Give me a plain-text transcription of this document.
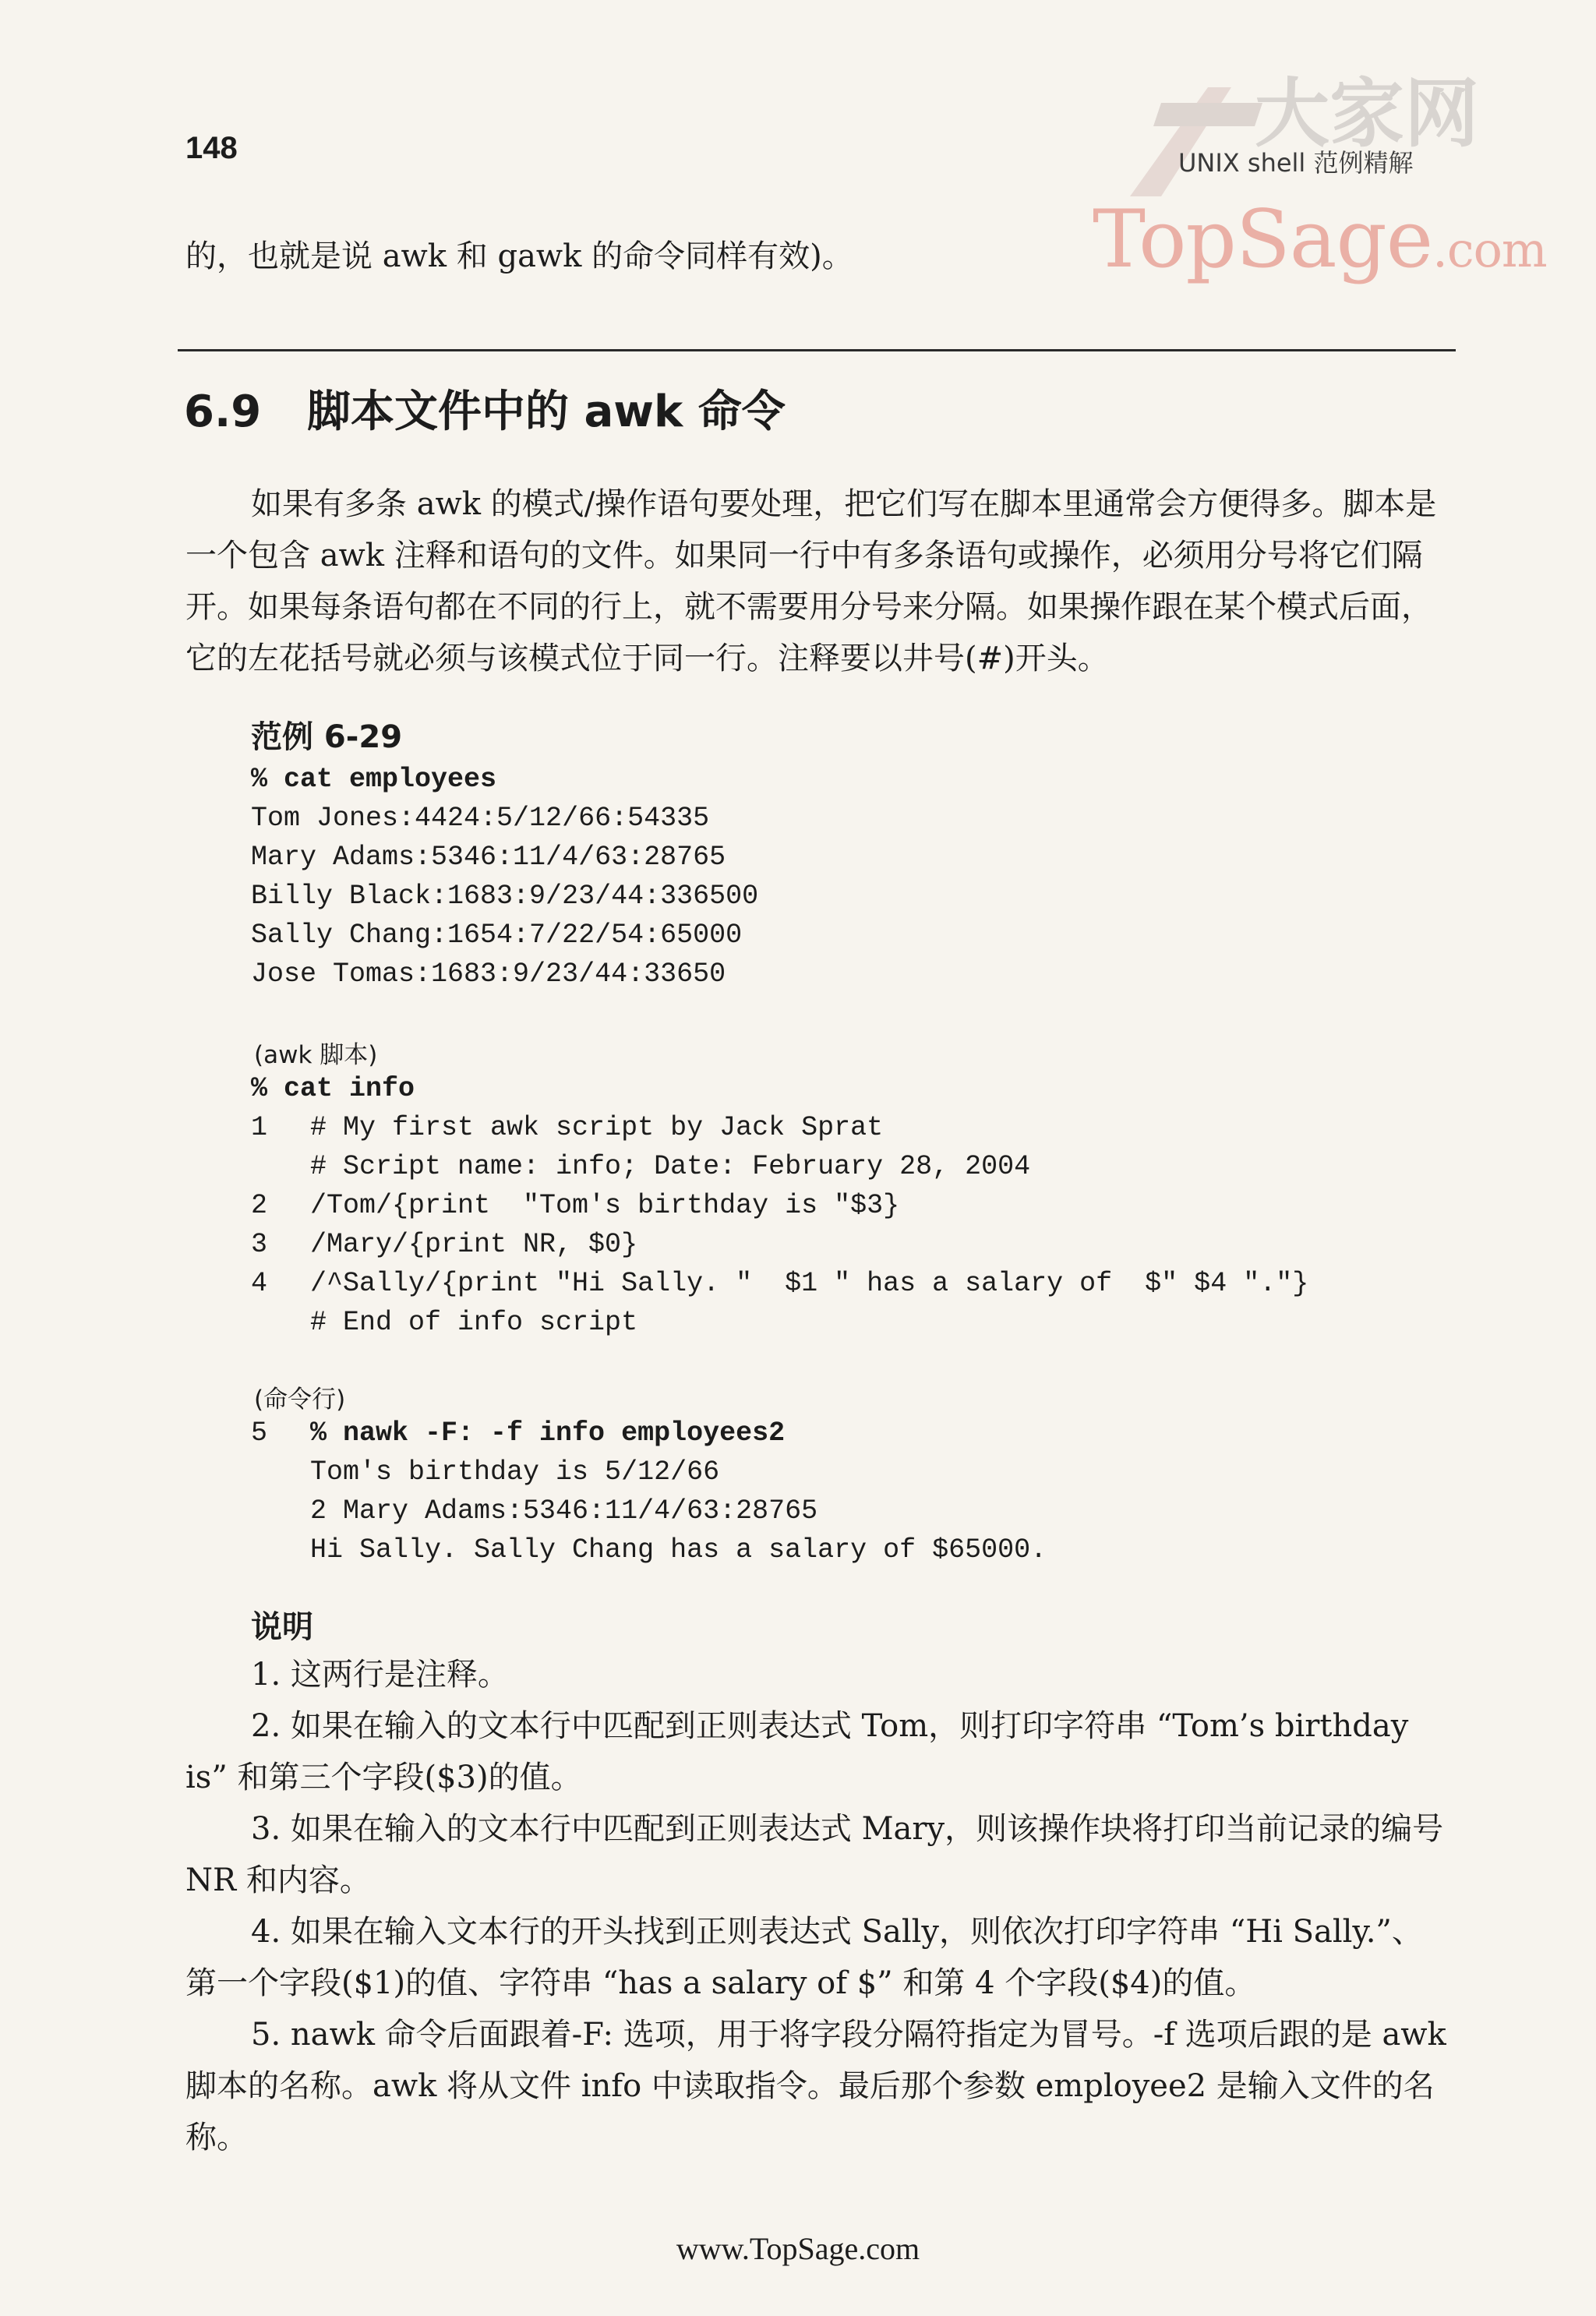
大家网
TopSage.com
148	UNIX shell 范例精解
的，也就是说 awk 和 gawk 的命令同样有效)。
6.9 脚本文件中的 awk 命令
如果有多条 awk 的模式/操作语句要处理，把它们写在脚本里通常会方便得多。脚本是
一个包含 awk 注释和语句的文件。如果同一行中有多条语句或操作，必须用分号将它们隔
开。如果每条语句都在不同的行上，就不需要用分号来分隔。如果操作跟在某个模式后面，
它的左花括号就必须与该模式位于同一行。注释要以井号(#)开头。
范例 6-29
% cat employees
Tom Jones:4424:5/12/66:54335
Mary Adams:5346:11/4/63:28765
Billy Black:1683:9/23/44:336500
Sally Chang:1654:7/22/54:65000
Jose Tomas:1683:9/23/44:33650
(awk 脚本)
% cat info
1

2
3
4

# My first awk script by Jack Sprat
# Script name: info; Date: February 28, 2004
/Tom/{print  "Tom's birthday is "$3}
/Mary/{print NR, $0}
/^Sally/{print "Hi Sally. "  $1 " has a salary of  $" $4 "."}
# End of info script
(命令行)
5 % nawk -F: -f info employees2
Tom's birthday is 5/12/66
2 Mary Adams:5346:11/4/63:28765
Hi Sally. Sally Chang has a salary of $65000.
说明

1. 这两行是注释。

2. 如果在输入的文本行中匹配到正则表达式 Tom，则打印字符串 “Tom’s birthday is” 和第三个字段($3)的值。

3. 如果在输入的文本行中匹配到正则表达式 Mary，则该操作块将打印当前记录的编号 NR 和内容。

4. 如果在输入文本行的开头找到正则表达式 Sally，则依次打印字符串 “Hi Sally.”、第一个字段($1)的值、字符串 “has a salary of $” 和第 4 个字段($4)的值。

5. nawk 命令后面跟着-F: 选项，用于将字段分隔符指定为冒号。-f 选项后跟的是 awk 脚本的名称。awk 将从文件 info 中读取指令。最后那个参数 employee2 是输入文件的名称。

www.TopSage.com
